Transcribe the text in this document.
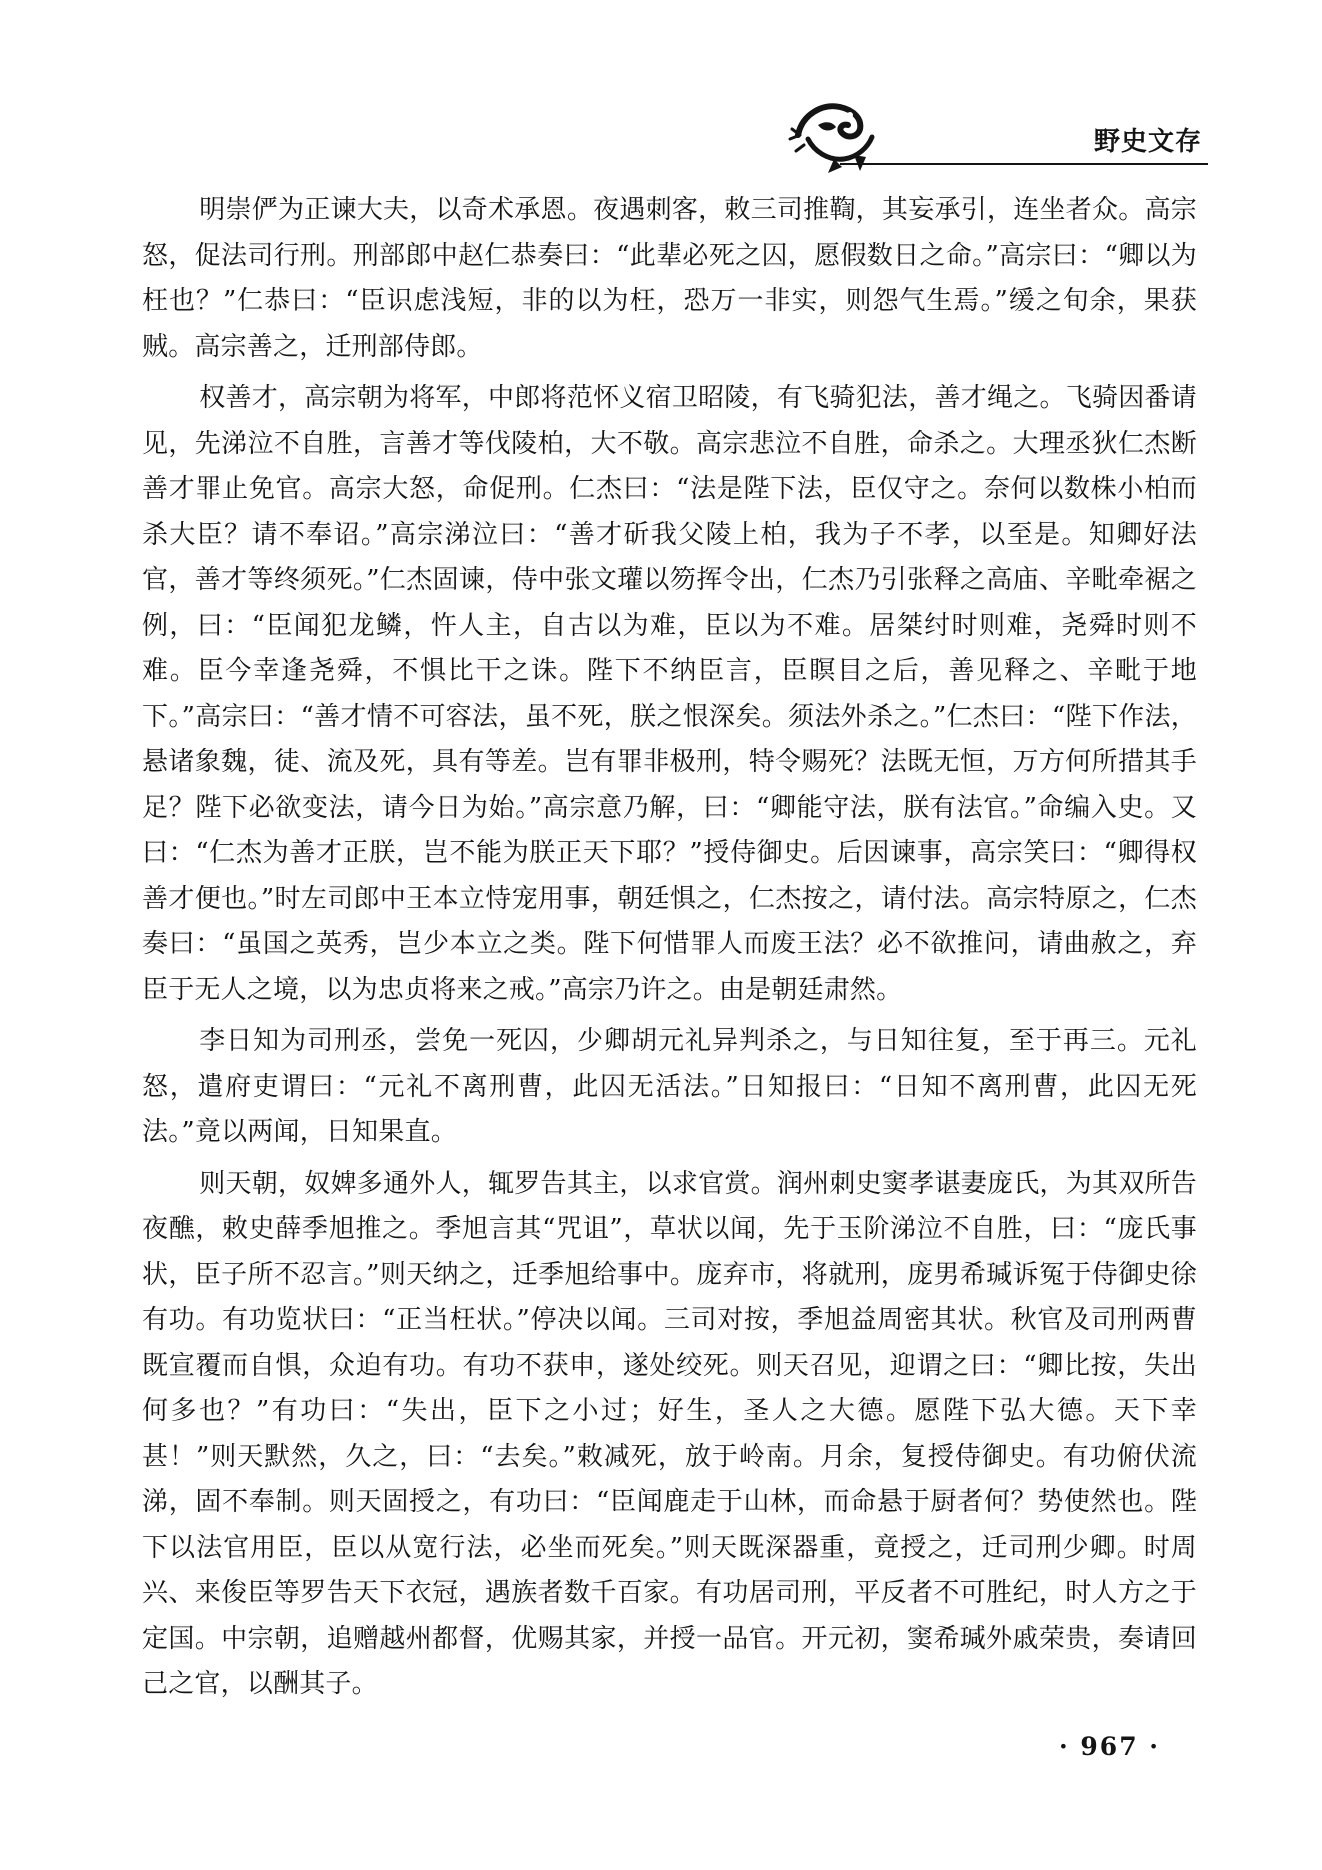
野史文存

明崇俨为正谏大夫，以奇术承恩。夜遇刺客，敕三司推鞫，其妄承引，连坐者众。高宗怒，促法司行刑。刑部郎中赵仁恭奏曰：“此辈必死之囚，愿假数日之命。”高宗曰：“卿以为枉也？”仁恭曰：“臣识虑浅短，非的以为枉，恐万一非实，则怨气生焉。”缓之旬余，果获贼。高宗善之，迁刑部侍郎。

权善才，高宗朝为将军，中郎将范怀义宿卫昭陵，有飞骑犯法，善才绳之。飞骑因番请见，先涕泣不自胜，言善才等伐陵柏，大不敬。高宗悲泣不自胜，命杀之。大理丞狄仁杰断善才罪止免官。高宗大怒，命促刑。仁杰曰：“法是陛下法，臣仅守之。奈何以数株小柏而杀大臣？请不奉诏。”高宗涕泣曰：“善才斫我父陵上柏，我为子不孝，以至是。知卿好法官，善才等终须死。”仁杰固谏，侍中张文瓘以笏挥令出，仁杰乃引张释之高庙、辛毗牵裾之例，曰：“臣闻犯龙鳞，忤人主，自古以为难，臣以为不难。居桀纣时则难，尧舜时则不难。臣今幸逢尧舜，不惧比干之诛。陛下不纳臣言，臣瞑目之后，善见释之、辛毗于地下。”高宗曰：“善才情不可容法，虽不死，朕之恨深矣。须法外杀之。”仁杰曰：“陛下作法，悬诸象魏，徒、流及死，具有等差。岂有罪非极刑，特令赐死？法既无恒，万方何所措其手足？陛下必欲变法，请今日为始。”高宗意乃解，曰：“卿能守法，朕有法官。”命编入史。又曰：“仁杰为善才正朕，岂不能为朕正天下耶？”授侍御史。后因谏事，高宗笑曰：“卿得权善才便也。”时左司郎中王本立恃宠用事，朝廷惧之，仁杰按之，请付法。高宗特原之，仁杰奏曰：“虽国之英秀，岂少本立之类。陛下何惜罪人而废王法？必不欲推问，请曲赦之，弃臣于无人之境，以为忠贞将来之戒。”高宗乃许之。由是朝廷肃然。

李日知为司刑丞，尝免一死囚，少卿胡元礼异判杀之，与日知往复，至于再三。元礼怒，遣府吏谓曰：“元礼不离刑曹，此囚无活法。”日知报曰：“日知不离刑曹，此囚无死法。”竟以两闻，日知果直。

则天朝，奴婢多通外人，辄罗告其主，以求官赏。润州刺史窦孝谌妻庞氏，为其双所告夜醮，敕史薛季旭推之。季旭言其“咒诅”，草状以闻，先于玉阶涕泣不自胜，曰：“庞氏事状，臣子所不忍言。”则天纳之，迁季旭给事中。庞弃市，将就刑，庞男希瑊诉冤于侍御史徐有功。有功览状曰：“正当枉状。”停决以闻。三司对按，季旭益周密其状。秋官及司刑两曹既宣覆而自惧，众迫有功。有功不获申，遂处绞死。则天召见，迎谓之曰：“卿比按，失出何多也？”有功曰：“失出，臣下之小过；好生，圣人之大德。愿陛下弘大德。天下幸甚！”则天默然，久之，曰：“去矣。”敕减死，放于岭南。月余，复授侍御史。有功俯伏流涕，固不奉制。则天固授之，有功曰：“臣闻鹿走于山林，而命悬于厨者何？势使然也。陛下以法官用臣，臣以从宽行法，必坐而死矣。”则天既深器重，竟授之，迁司刑少卿。时周兴、来俊臣等罗告天下衣冠，遇族者数千百家。有功居司刑，平反者不可胜纪，时人方之于定国。中宗朝，追赠越州都督，优赐其家，并授一品官。开元初，窦希瑊外戚荣贵，奏请回己之官，以酬其子。

· 967 ·
